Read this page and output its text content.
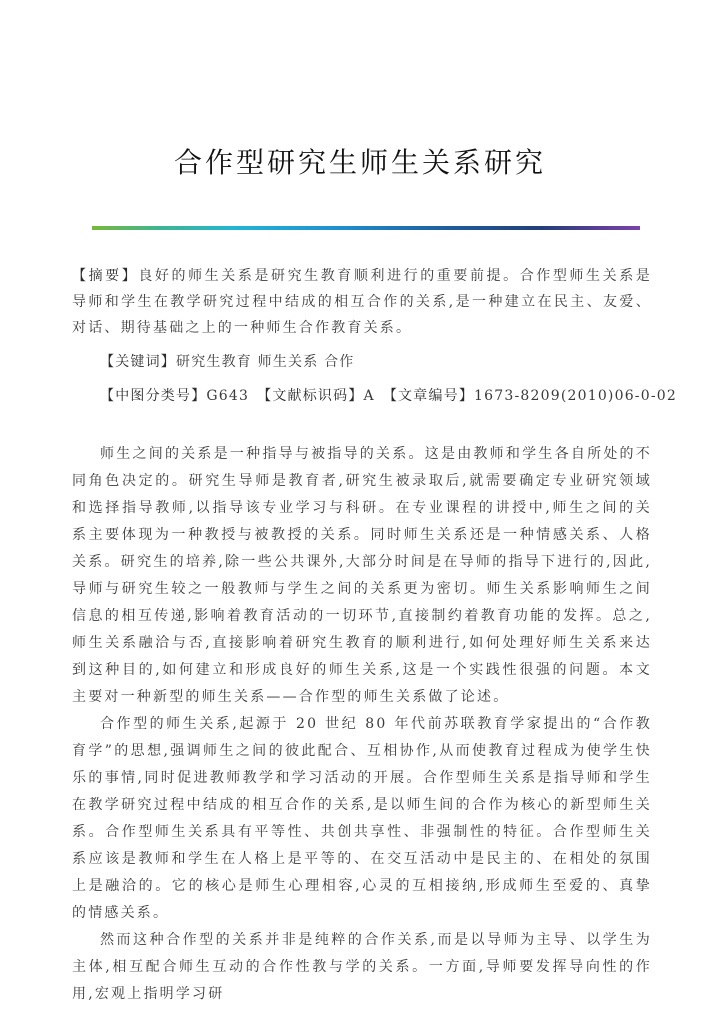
合作型研究生师生关系研究

【摘要】良好的师生关系是研究生教育顺利进行的重要前提。合作型师生关系是导师和学生在教学研究过程中结成的相互合作的关系,是一种建立在民主、友爱、对话、期待基础之上的一种师生合作教育关系。

【关键词】研究生教育 师生关系 合作

【中图分类号】G643 【文献标识码】A 【文章编号】1673-8209(2010)06-0-02

师生之间的关系是一种指导与被指导的关系。这是由教师和学生各自所处的不同角色决定的。研究生导师是教育者,研究生被录取后,就需要确定专业研究领域和选择指导教师,以指导该专业学习与科研。在专业课程的讲授中,师生之间的关系主要体现为一种教授与被教授的关系。同时师生关系还是一种情感关系、人格关系。研究生的培养,除一些公共课外,大部分时间是在导师的指导下进行的,因此,导师与研究生较之一般教师与学生之间的关系更为密切。师生关系影响师生之间信息的相互传递,影响着教育活动的一切环节,直接制约着教育功能的发挥。总之,师生关系融洽与否,直接影响着研究生教育的顺利进行,如何处理好师生关系来达到这种目的,如何建立和形成良好的师生关系,这是一个实践性很强的问题。本文主要对一种新型的师生关系——合作型的师生关系做了论述。

合作型的师生关系,起源于 20 世纪 80 年代前苏联教育学家提出的“合作教育学”的思想,强调师生之间的彼此配合、互相协作,从而使教育过程成为使学生快乐的事情,同时促进教师教学和学习活动的开展。合作型师生关系是指导师和学生在教学研究过程中结成的相互合作的关系,是以师生间的合作为核心的新型师生关系。合作型师生关系具有平等性、共创共享性、非强制性的特征。合作型师生关系应该是教师和学生在人格上是平等的、在交互活动中是民主的、在相处的氛围上是融洽的。它的核心是师生心理相容,心灵的互相接纳,形成师生至爱的、真挚的情感关系。

然而这种合作型的关系并非是纯粹的合作关系,而是以导师为主导、以学生为主体,相互配合师生互动的合作性教与学的关系。一方面,导师要发挥导向性的作用,宏观上指明学习研
